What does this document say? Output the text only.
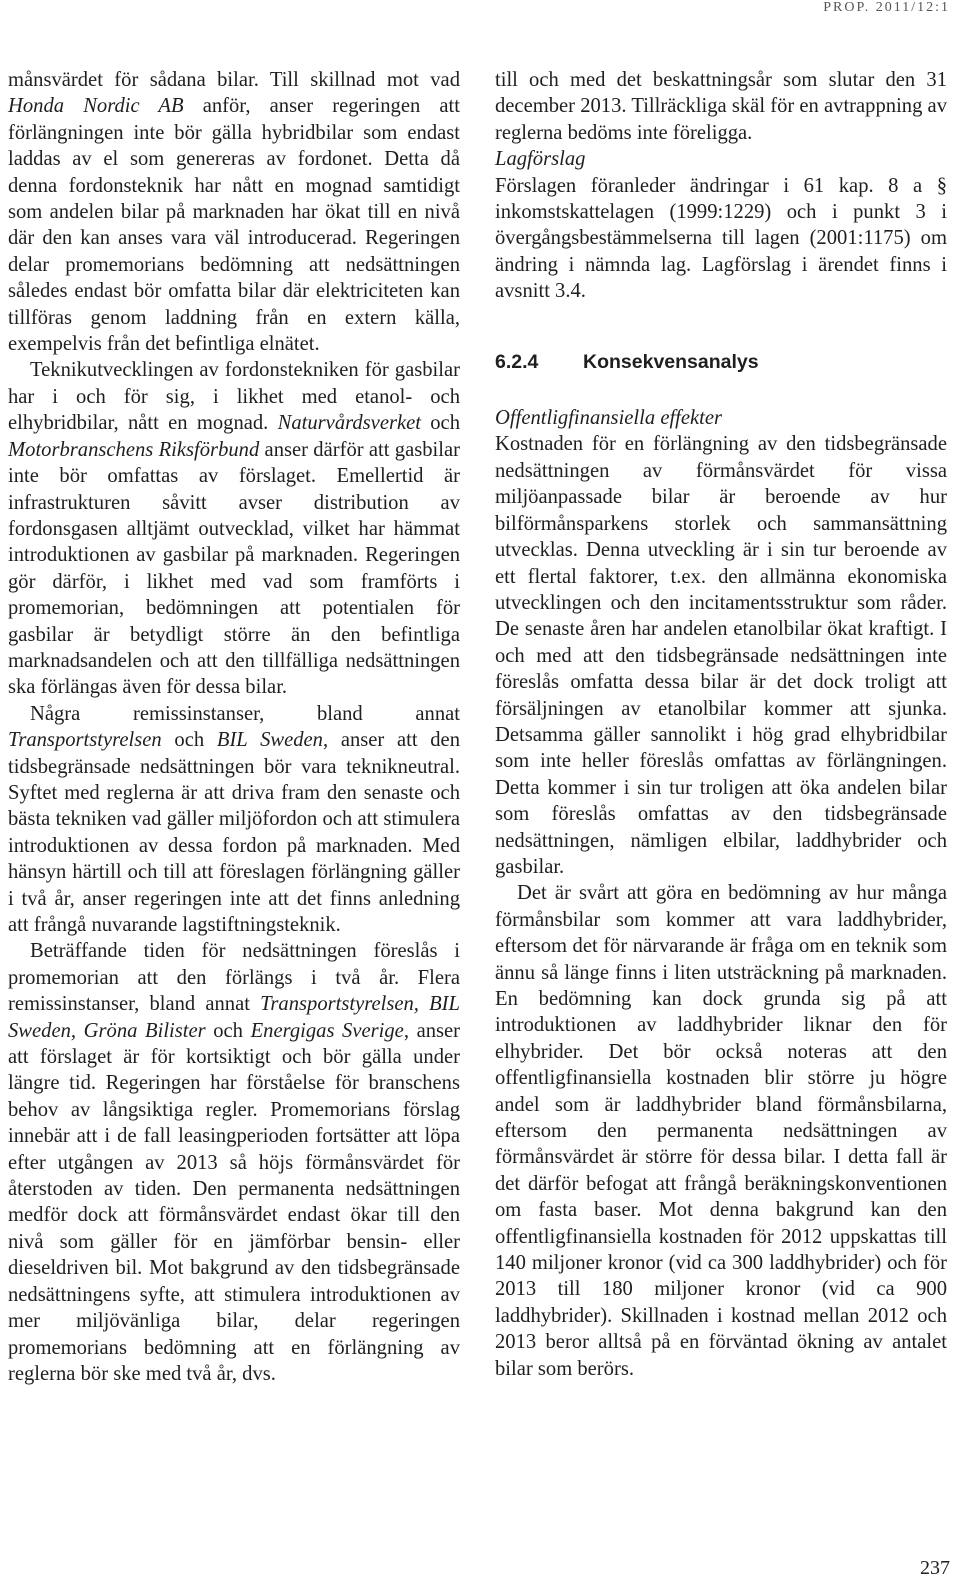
PROP. 2011/12:1

månsvärdet för sådana bilar. Till skillnad mot vad Honda Nordic AB anför, anser regeringen att förlängningen inte bör gälla hybridbilar som endast laddas av el som genereras av fordonet. Detta då denna fordonsteknik har nått en mognad samtidigt som andelen bilar på marknaden har ökat till en nivå där den kan anses vara väl introducerad. Regeringen delar promemorians bedömning att nedsättningen således endast bör omfatta bilar där elektriciteten kan tillföras genom laddning från en extern källa, exempelvis från det befintliga elnätet.

Teknikutvecklingen av fordonstekniken för gasbilar har i och för sig, i likhet med etanol- och elhybridbilar, nått en mognad. Naturvårdsverket och Motorbranschens Riksförbund anser därför att gasbilar inte bör omfattas av förslaget. Emellertid är infrastrukturen såvitt avser distribution av fordonsgasen alltjämt outvecklad, vilket har hämmat introduktionen av gasbilar på marknaden. Regeringen gör därför, i likhet med vad som framförts i promemorian, bedömningen att potentialen för gasbilar är betydligt större än den befintliga marknadsandelen och att den tillfälliga nedsättningen ska förlängas även för dessa bilar.

Några remissinstanser, bland annat Transportstyrelsen och BIL Sweden, anser att den tidsbegränsade nedsättningen bör vara teknikneutral. Syftet med reglerna är att driva fram den senaste och bästa tekniken vad gäller miljöfordon och att stimulera introduktionen av dessa fordon på marknaden. Med hänsyn härtill och till att föreslagen förlängning gäller i två år, anser regeringen inte att det finns anledning att frångå nuvarande lagstiftningsteknik.

Beträffande tiden för nedsättningen föreslås i promemorian att den förlängs i två år. Flera remissinstanser, bland annat Transportstyrelsen, BIL Sweden, Gröna Bilister och Energigas Sverige, anser att förslaget är för kortsiktigt och bör gälla under längre tid. Regeringen har förståelse för branschens behov av långsiktiga regler. Promemorians förslag innebär att i de fall leasingperioden fortsätter att löpa efter utgången av 2013 så höjs förmånsvärdet för återstoden av tiden. Den permanenta nedsättningen medför dock att förmånsvärdet endast ökar till den nivå som gäller för en jämförbar bensin- eller dieseldriven bil. Mot bakgrund av den tidsbegränsade nedsättningens syfte, att stimulera introduktionen av mer miljövänliga bilar, delar regeringen promemorians bedömning att en förlängning av reglerna bör ske med två år, dvs.

till och med det beskattningsår som slutar den 31 december 2013. Tillräckliga skäl för en avtrappning av reglerna bedöms inte föreligga.

Lagförslag

Förslagen föranleder ändringar i 61 kap. 8 a § inkomstskattelagen (1999:1229) och i punkt 3 i övergångsbestämmelserna till lagen (2001:1175) om ändring i nämnda lag. Lagförslag i ärendet finns i avsnitt 3.4.

6.2.4 Konsekvensanalys

Offentligfinansiella effekter

Kostnaden för en förlängning av den tidsbegränsade nedsättningen av förmånsvärdet för vissa miljöanpassade bilar är beroende av hur bilförmånsparkens storlek och sammansättning utvecklas. Denna utveckling är i sin tur beroende av ett flertal faktorer, t.ex. den allmänna ekonomiska utvecklingen och den incitamentsstruktur som råder. De senaste åren har andelen etanolbilar ökat kraftigt. I och med att den tidsbegränsade nedsättningen inte föreslås omfatta dessa bilar är det dock troligt att försäljningen av etanolbilar kommer att sjunka. Detsamma gäller sannolikt i hög grad elhybridbilar som inte heller föreslås omfattas av förlängningen. Detta kommer i sin tur troligen att öka andelen bilar som föreslås omfattas av den tidsbegränsade nedsättningen, nämligen elbilar, laddhybrider och gasbilar.

Det är svårt att göra en bedömning av hur många förmånsbilar som kommer att vara laddhybrider, eftersom det för närvarande är fråga om en teknik som ännu så länge finns i liten utsträckning på marknaden. En bedömning kan dock grunda sig på att introduktionen av laddhybrider liknar den för elhybrider. Det bör också noteras att den offentligfinansiella kostnaden blir större ju högre andel som är laddhybrider bland förmånsbilarna, eftersom den permanenta nedsättningen av förmånsvärdet är större för dessa bilar. I detta fall är det därför befogat att frångå beräkningskonventionen om fasta baser. Mot denna bakgrund kan den offentligfinansiella kostnaden för 2012 uppskattas till 140 miljoner kronor (vid ca 300 laddhybrider) och för 2013 till 180 miljoner kronor (vid ca 900 laddhybrider). Skillnaden i kostnad mellan 2012 och 2013 beror alltså på en förväntad ökning av antalet bilar som berörs.

237
